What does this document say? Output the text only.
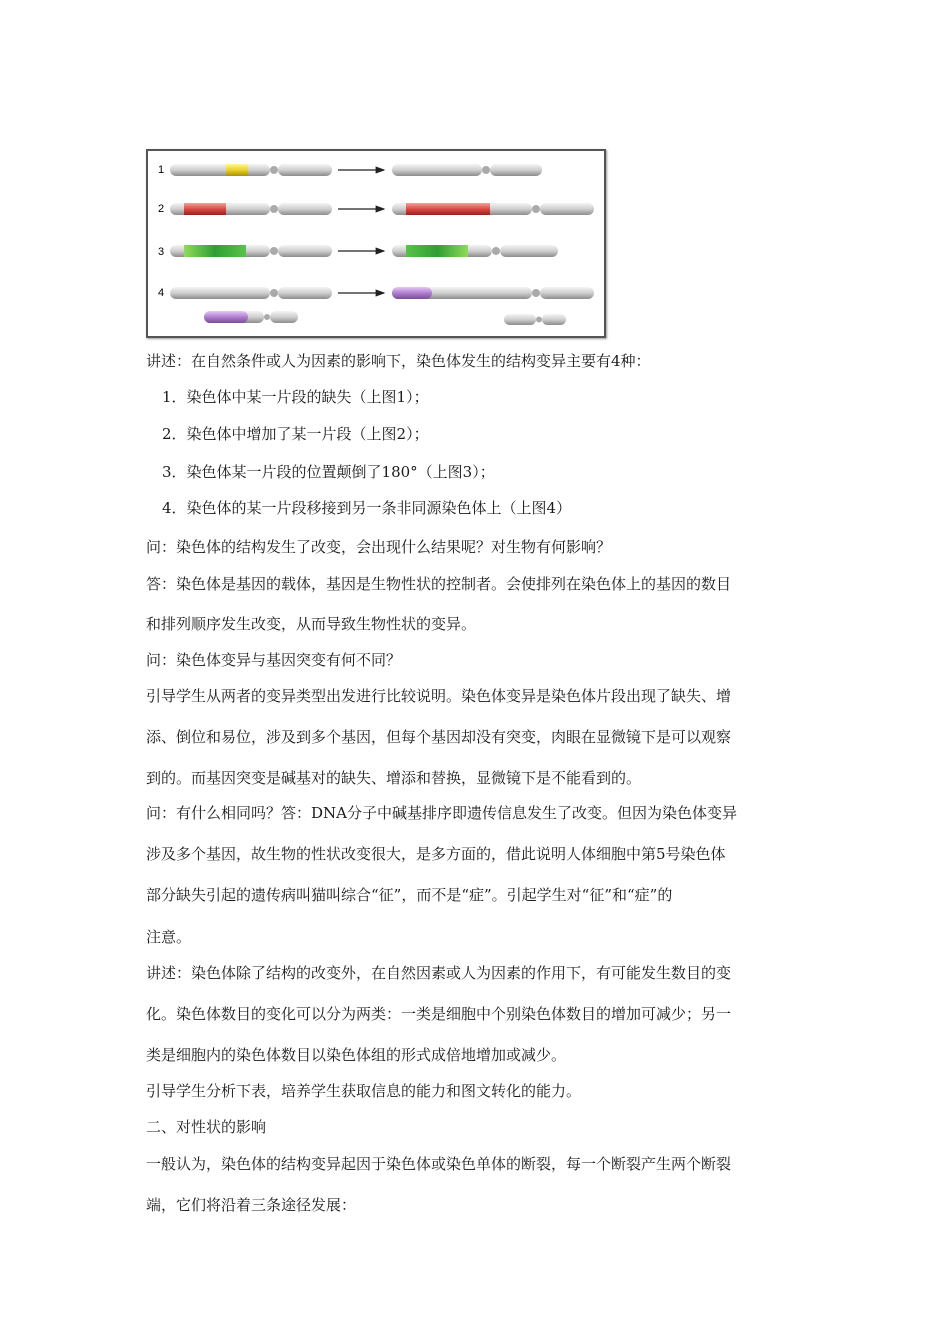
1
2
3
4
讲述：在自然条件或人为因素的影响下，染色体发生的结构变异主要有4种：
1．染色体中某一片段的缺失（上图1）；
2．染色体中增加了某一片段（上图2）；
3．染色体某一片段的位置颠倒了180°（上图3）；
4．染色体的某一片段移接到另一条非同源染色体上（上图4）
问：染色体的结构发生了改变，会出现什么结果呢？对生物有何影响？
答：染色体是基因的载体，基因是生物性状的控制者。会使排列在染色体上的基因的数目
和排列顺序发生改变，从而导致生物性状的变异。
问：染色体变异与基因突变有何不同？
引导学生从两者的变异类型出发进行比较说明。染色体变异是染色体片段出现了缺失、增
添、倒位和易位，涉及到多个基因，但每个基因却没有突变，肉眼在显微镜下是可以观察
到的。而基因突变是碱基对的缺失、增添和替换，显微镜下是不能看到的。
问：有什么相同吗？答：DNA分子中碱基排序即遗传信息发生了改变。但因为染色体变异
涉及多个基因，故生物的性状改变很大，是多方面的，借此说明人体细胞中第5号染色体
部分缺失引起的遗传病叫猫叫综合“征”，而不是“症”。引起学生对“征”和“症”的
注意。
讲述：染色体除了结构的改变外，在自然因素或人为因素的作用下，有可能发生数目的变
化。染色体数目的变化可以分为两类：一类是细胞中个别染色体数目的增加可减少；另一
类是细胞内的染色体数目以染色体组的形式成倍地增加或减少。
引导学生分析下表，培养学生获取信息的能力和图文转化的能力。
二、对性状的影响
一般认为，染色体的结构变异起因于染色体或染色单体的断裂，每一个断裂产生两个断裂
端，它们将沿着三条途径发展：
